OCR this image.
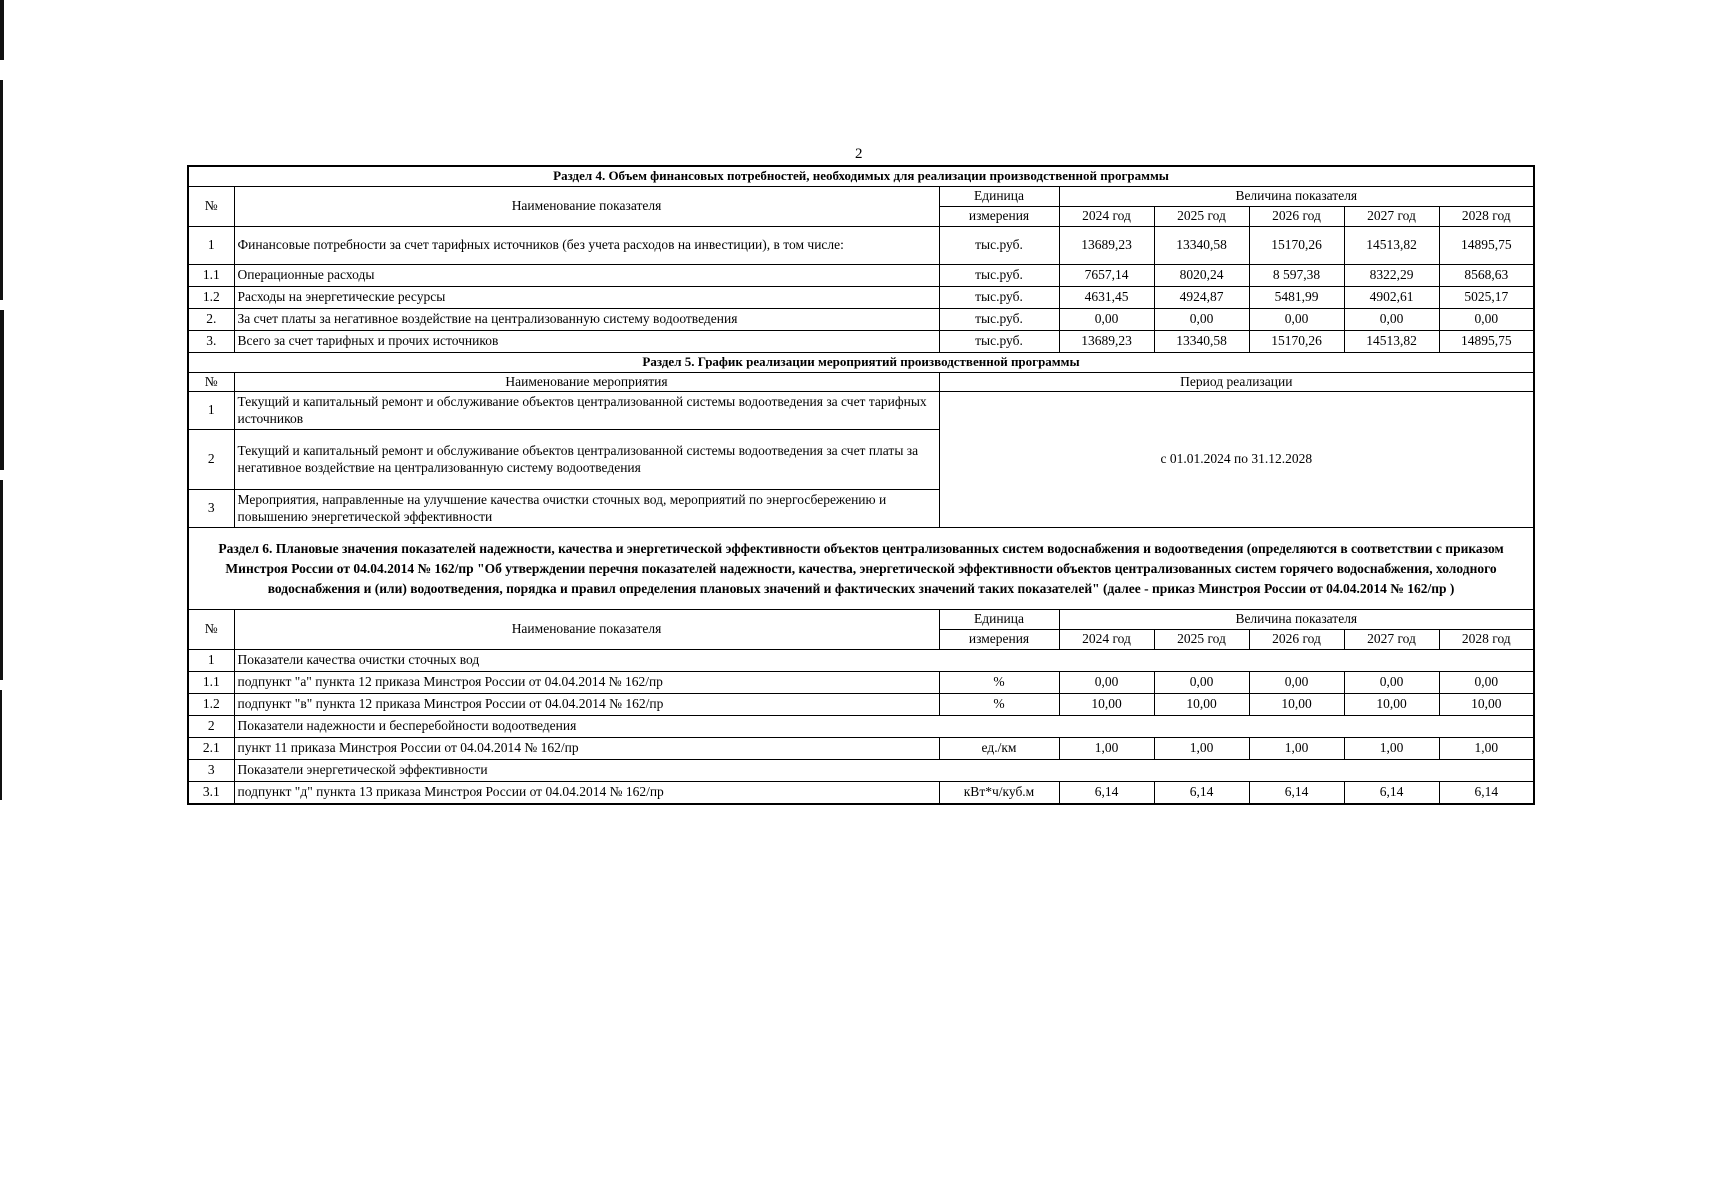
2
Раздел 4. Объем финансовых потребностей, необходимых для реализации производственной программы							
№	Наименование показателя	Единица	Величина показателя				
		измерения	2024 год	2025 год	2026 год	2027 год	2028 год
1	Финансовые потребности за счет тарифных источников (без учета расходов на инвестиции), в том числе:	тыс.руб.	13689,23	13340,58	15170,26	14513,82	14895,75
1.1	Операционные расходы	тыс.руб.	7657,14	8020,24	8 597,38	8322,29	8568,63
1.2	Расходы на энергетические ресурсы	тыс.руб.	4631,45	4924,87	5481,99	4902,61	5025,17
2.	За счет платы за негативное воздействие на централизованную систему водоотведения	тыс.руб.	0,00	0,00	0,00	0,00	0,00
3.	Всего за счет тарифных и прочих источников	тыс.руб.	13689,23	13340,58	15170,26	14513,82	14895,75
Раздел 5. График реализации мероприятий производственной программы							
№	Наименование мероприятия	Период реализации					
1	Текущий и капитальный ремонт и обслуживание объектов централизованной системы водоотведения за счет тарифных источников	с 01.01.2024 по 31.12.2028					
2	Текущий и капитальный ремонт и обслуживание объектов централизованной системы водоотведения за счет платы за негативное воздействие на централизованную систему водоотведения						
3	Мероприятия, направленные на улучшение качества очистки сточных вод, мероприятий по энергосбережению и повышению энергетической эффективности						
Раздел 6. Плановые значения показателей надежности, качества и энергетической эффективности объектов централизованных систем водоснабжения и водоотведения (определяются в соответствии с приказом Минстроя России от 04.04.2014 № 162/пр "Об утверждении перечня показателей надежности, качества, энергетической эффективности объектов централизованных систем горячего водоснабжения, холодного водоснабжения и (или) водоотведения, порядка и правил определения плановых значений и фактических значений таких показателей" (далее - приказ Минстроя России от 04.04.2014 № 162/пр )							
№	Наименование показателя	Единица	Величина показателя				
		измерения	2024 год	2025 год	2026 год	2027 год	2028 год
1	Показатели качества очистки сточных вод						
1.1	подпункт "а" пункта 12 приказа Минстроя России от 04.04.2014 № 162/пр	%	0,00	0,00	0,00	0,00	0,00
1.2	подпункт "в" пункта 12 приказа Минстроя России от 04.04.2014 № 162/пр	%	10,00	10,00	10,00	10,00	10,00
2	Показатели надежности и бесперебойности водоотведения						
2.1	пункт 11 приказа Минстроя России от 04.04.2014 № 162/пр	ед./км	1,00	1,00	1,00	1,00	1,00
3	Показатели энергетической эффективности						
3.1	подпункт "д" пункта 13 приказа Минстроя России от 04.04.2014 № 162/пр	кВт*ч/куб.м	6,14	6,14	6,14	6,14	6,14
